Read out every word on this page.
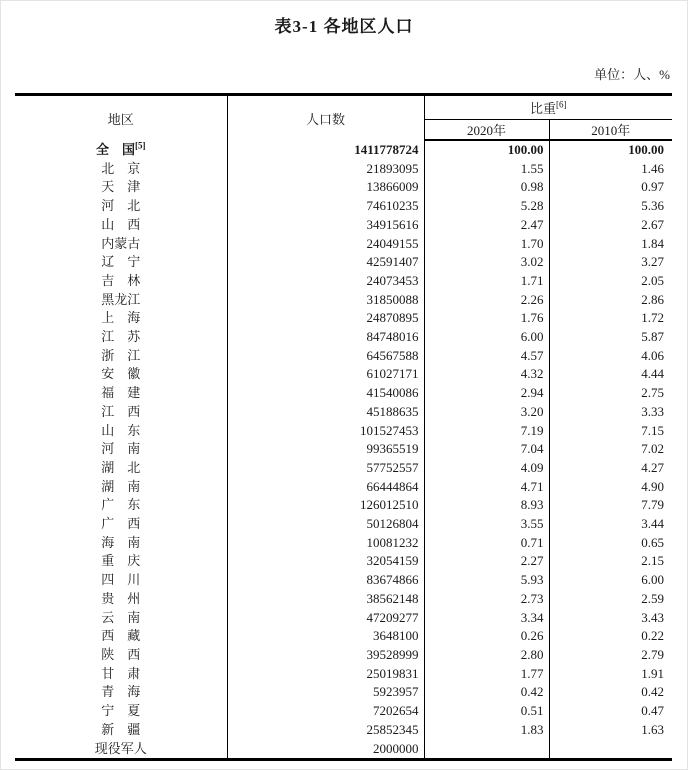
表3-1 各地区人口
单位：人、%
地区	人口数	比重[6]
		2020年	2010年
全　国[5]	1411778724	100.00	100.00
北　京	21893095	1.55	1.46
天　津	13866009	0.98	0.97
河　北	74610235	5.28	5.36
山　西	34915616	2.47	2.67
内蒙古	24049155	1.70	1.84
辽　宁	42591407	3.02	3.27
吉　林	24073453	1.71	2.05
黑龙江	31850088	2.26	2.86
上　海	24870895	1.76	1.72
江　苏	84748016	6.00	5.87
浙　江	64567588	4.57	4.06
安　徽	61027171	4.32	4.44
福　建	41540086	2.94	2.75
江　西	45188635	3.20	3.33
山　东	101527453	7.19	7.15
河　南	99365519	7.04	7.02
湖　北	57752557	4.09	4.27
湖　南	66444864	4.71	4.90
广　东	126012510	8.93	7.79
广　西	50126804	3.55	3.44
海　南	10081232	0.71	0.65
重　庆	32054159	2.27	2.15
四　川	83674866	5.93	6.00
贵　州	38562148	2.73	2.59
云　南	47209277	3.34	3.43
西　藏	3648100	0.26	0.22
陕　西	39528999	2.80	2.79
甘　肃	25019831	1.77	1.91
青　海	5923957	0.42	0.42
宁　夏	7202654	0.51	0.47
新　疆	25852345	1.83	1.63
现役军人	2000000		
